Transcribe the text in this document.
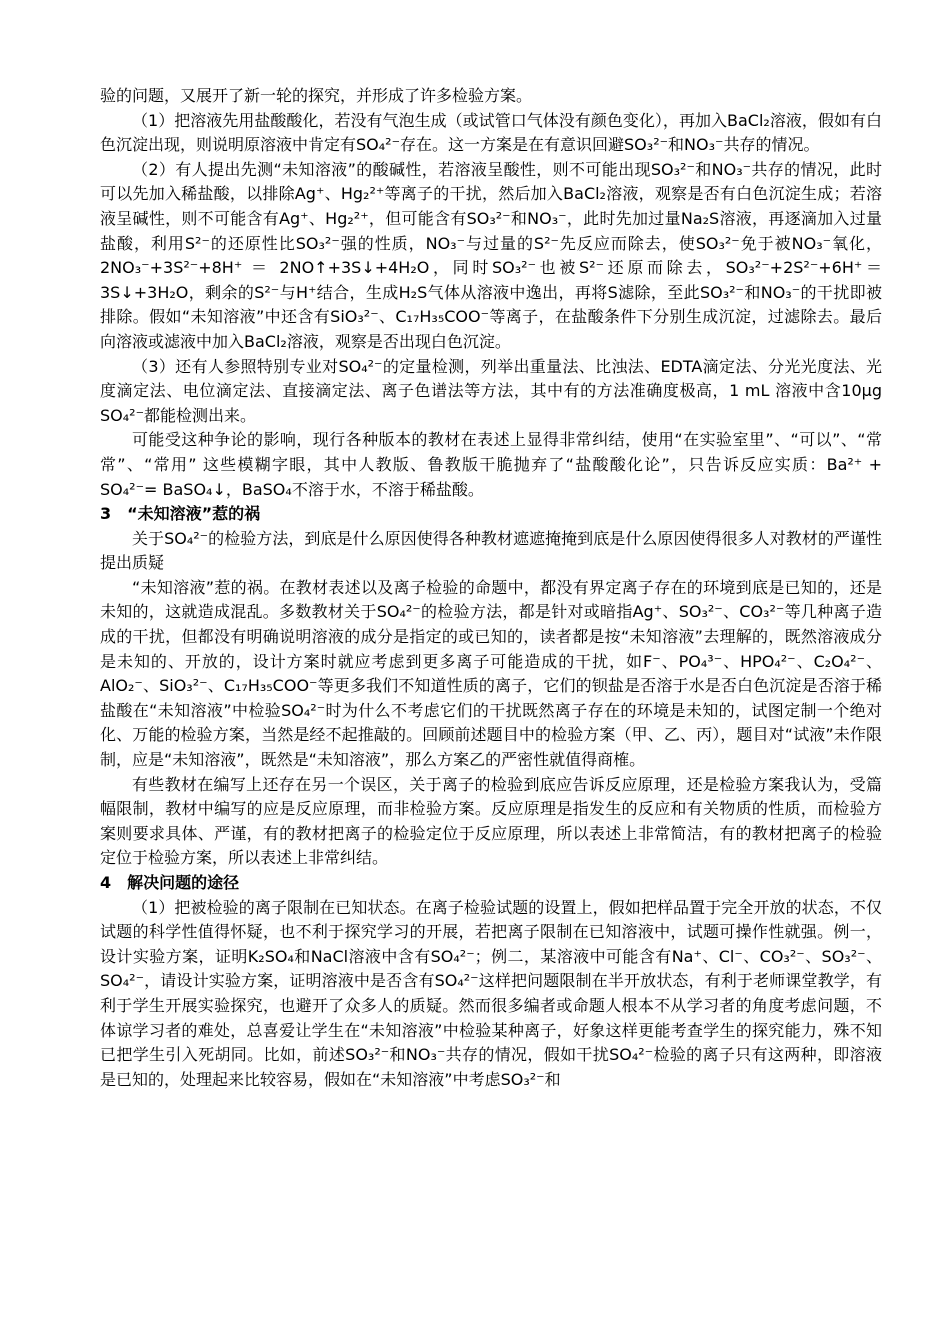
验的问题，又展开了新一轮的探究，并形成了许多检验方案。

（1）把溶液先用盐酸酸化，若没有气泡生成（或试管口气体没有颜色变化），再加入BaCl₂溶液，假如有白色沉淀出现，则说明原溶液中肯定有SO₄²⁻存在。这一方案是在有意识回避SO₃²⁻和NO₃⁻共存的情况。

（2）有人提出先测“未知溶液”的酸碱性，若溶液呈酸性，则不可能出现SO₃²⁻和NO₃⁻共存的情况，此时可以先加入稀盐酸，以排除Ag⁺、Hg₂²⁺等离子的干扰，然后加入BaCl₂溶液，观察是否有白色沉淀生成；若溶液呈碱性，则不可能含有Ag⁺、Hg₂²⁺，但可能含有SO₃²⁻和NO₃⁻，此时先加过量Na₂S溶液，再逐滴加入过量盐酸，利用S²⁻的还原性比SO₃²⁻强的性质，NO₃⁻与过量的S²⁻先反应而除去，使SO₃²⁻免于被NO₃⁻氧化，2NO₃⁻+3S²⁻+8H⁺ ＝ 2NO↑+3S↓+4H₂O，同时SO₃²⁻也被S²⁻还原而除去，SO₃²⁻+2S²⁻+6H⁺＝3S↓+3H₂O，剩余的S²⁻与H⁺结合，生成H₂S气体从溶液中逸出，再将S滤除，至此SO₃²⁻和NO₃⁻的干扰即被排除。假如“未知溶液”中还含有SiO₃²⁻、C₁₇H₃₅COO⁻等离子，在盐酸条件下分别生成沉淀，过滤除去。最后向溶液或滤液中加入BaCl₂溶液，观察是否出现白色沉淀。

（3）还有人参照特别专业对SO₄²⁻的定量检测，列举出重量法、比浊法、EDTA滴定法、分光光度法、光度滴定法、电位滴定法、直接滴定法、离子色谱法等方法，其中有的方法准确度极高，1 mL 溶液中含10μg SO₄²⁻都能检测出来。

可能受这种争论的影响，现行各种版本的教材在表述上显得非常纠结，使用“在实验室里”、“可以”、“常常”、“常用” 这些模糊字眼，其中人教版、鲁教版干脆抛弃了“盐酸酸化论”，只告诉反应实质：Ba²⁺ + SO₄²⁻= BaSO₄↓，BaSO₄不溶于水，不溶于稀盐酸。

3　“未知溶液”惹的祸

关于SO₄²⁻的检验方法，到底是什么原因使得各种教材遮遮掩掩到底是什么原因使得很多人对教材的严谨性提出质疑

“未知溶液”惹的祸。在教材表述以及离子检验的命题中，都没有界定离子存在的环境到底是已知的，还是未知的，这就造成混乱。多数教材关于SO₄²⁻的检验方法，都是针对或暗指Ag⁺、SO₃²⁻、CO₃²⁻等几种离子造成的干扰，但都没有明确说明溶液的成分是指定的或已知的，读者都是按“未知溶液”去理解的，既然溶液成分是未知的、开放的，设计方案时就应考虑到更多离子可能造成的干扰，如F⁻、PO₄³⁻、HPO₄²⁻、C₂O₄²⁻、AlO₂⁻、SiO₃²⁻、C₁₇H₃₅COO⁻等更多我们不知道性质的离子，它们的钡盐是否溶于水是否白色沉淀是否溶于稀盐酸在“未知溶液”中检验SO₄²⁻时为什么不考虑它们的干扰既然离子存在的环境是未知的，试图定制一个绝对化、万能的检验方案，当然是经不起推敲的。回顾前述题目中的检验方案（甲、乙、丙），题目对“试液”未作限制，应是“未知溶液”，既然是“未知溶液”，那么方案乙的严密性就值得商榷。

有些教材在编写上还存在另一个误区，关于离子的检验到底应告诉反应原理，还是检验方案我认为，受篇幅限制，教材中编写的应是反应原理，而非检验方案。反应原理是指发生的反应和有关物质的性质，而检验方案则要求具体、严谨，有的教材把离子的检验定位于反应原理，所以表述上非常简洁，有的教材把离子的检验定位于检验方案，所以表述上非常纠结。

4　解决问题的途径

（1）把被检验的离子限制在已知状态。在离子检验试题的设置上，假如把样品置于完全开放的状态，不仅试题的科学性值得怀疑，也不利于探究学习的开展，若把离子限制在已知溶液中，试题可操作性就强。例一，设计实验方案，证明K₂SO₄和NaCl溶液中含有SO₄²⁻；例二，某溶液中可能含有Na⁺、Cl⁻、CO₃²⁻、SO₃²⁻、SO₄²⁻，请设计实验方案，证明溶液中是否含有SO₄²⁻这样把问题限制在半开放状态，有利于老师课堂教学，有利于学生开展实验探究，也避开了众多人的质疑。然而很多编者或命题人根本不从学习者的角度考虑问题，不体谅学习者的难处，总喜爱让学生在“未知溶液”中检验某种离子，好象这样更能考查学生的探究能力，殊不知已把学生引入死胡同。比如，前述SO₃²⁻和NO₃⁻共存的情况，假如干扰SO₄²⁻检验的离子只有这两种，即溶液是已知的，处理起来比较容易，假如在“未知溶液”中考虑SO₃²⁻和
